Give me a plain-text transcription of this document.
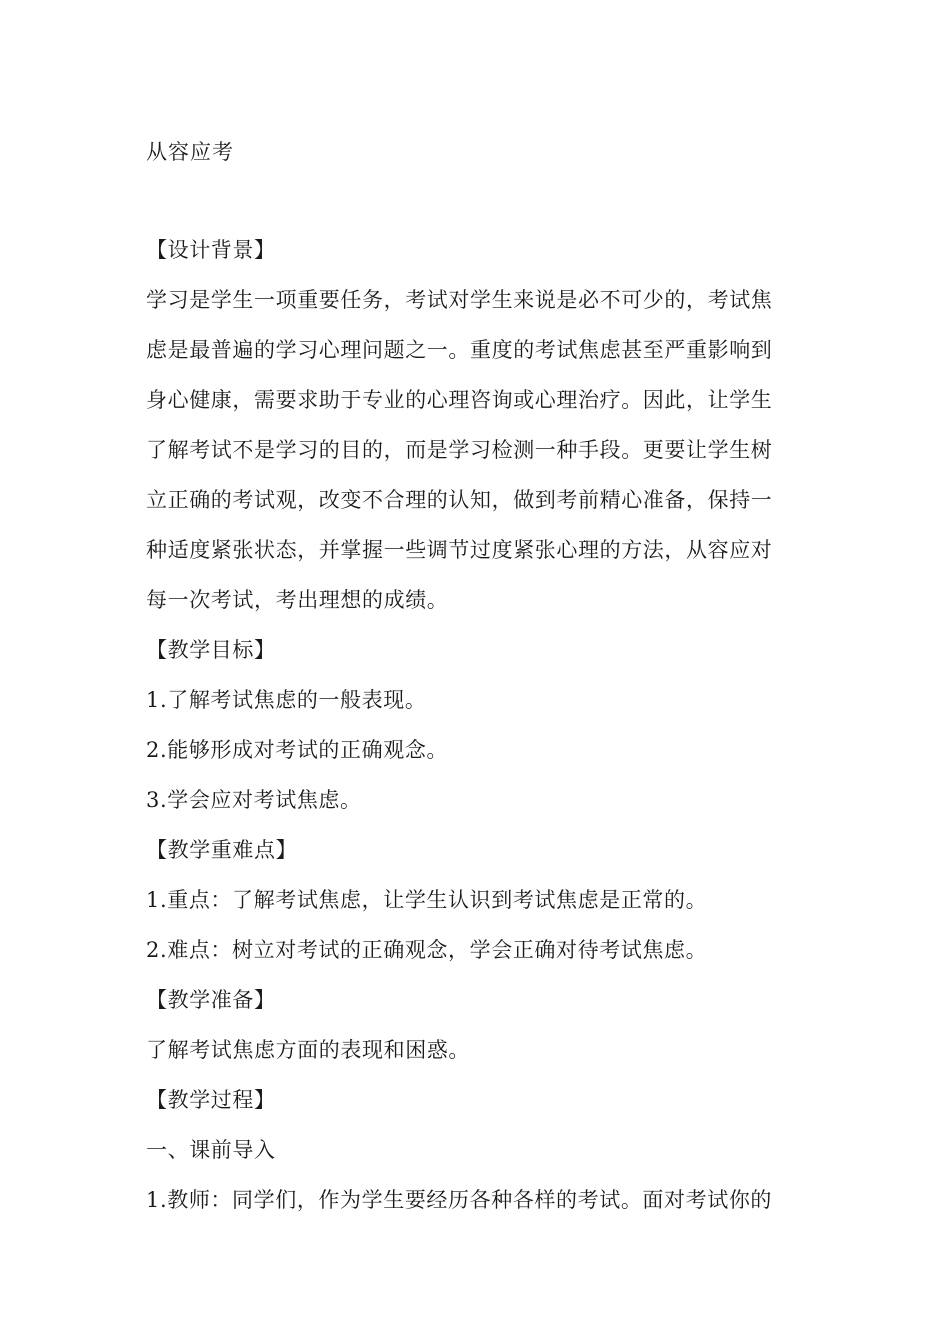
从容应考

【设计背景】

学习是学生一项重要任务，考试对学生来说是必不可少的，考试焦
虑是最普遍的学习心理问题之一。重度的考试焦虑甚至严重影响到
身心健康，需要求助于专业的心理咨询或心理治疗。因此，让学生
了解考试不是学习的目的，而是学习检测一种手段。更要让学生树
立正确的考试观，改变不合理的认知，做到考前精心准备，保持一
种适度紧张状态，并掌握一些调节过度紧张心理的方法，从容应对
每一次考试，考出理想的成绩。

【教学目标】

1.了解考试焦虑的一般表现。

2.能够形成对考试的正确观念。

3.学会应对考试焦虑。

【教学重难点】

1.重点：了解考试焦虑，让学生认识到考试焦虑是正常的。

2.难点：树立对考试的正确观念，学会正确对待考试焦虑。

【教学准备】

了解考试焦虑方面的表现和困惑。

【教学过程】

一、课前导入

1.教师：同学们，作为学生要经历各种各样的考试。面对考试你的
